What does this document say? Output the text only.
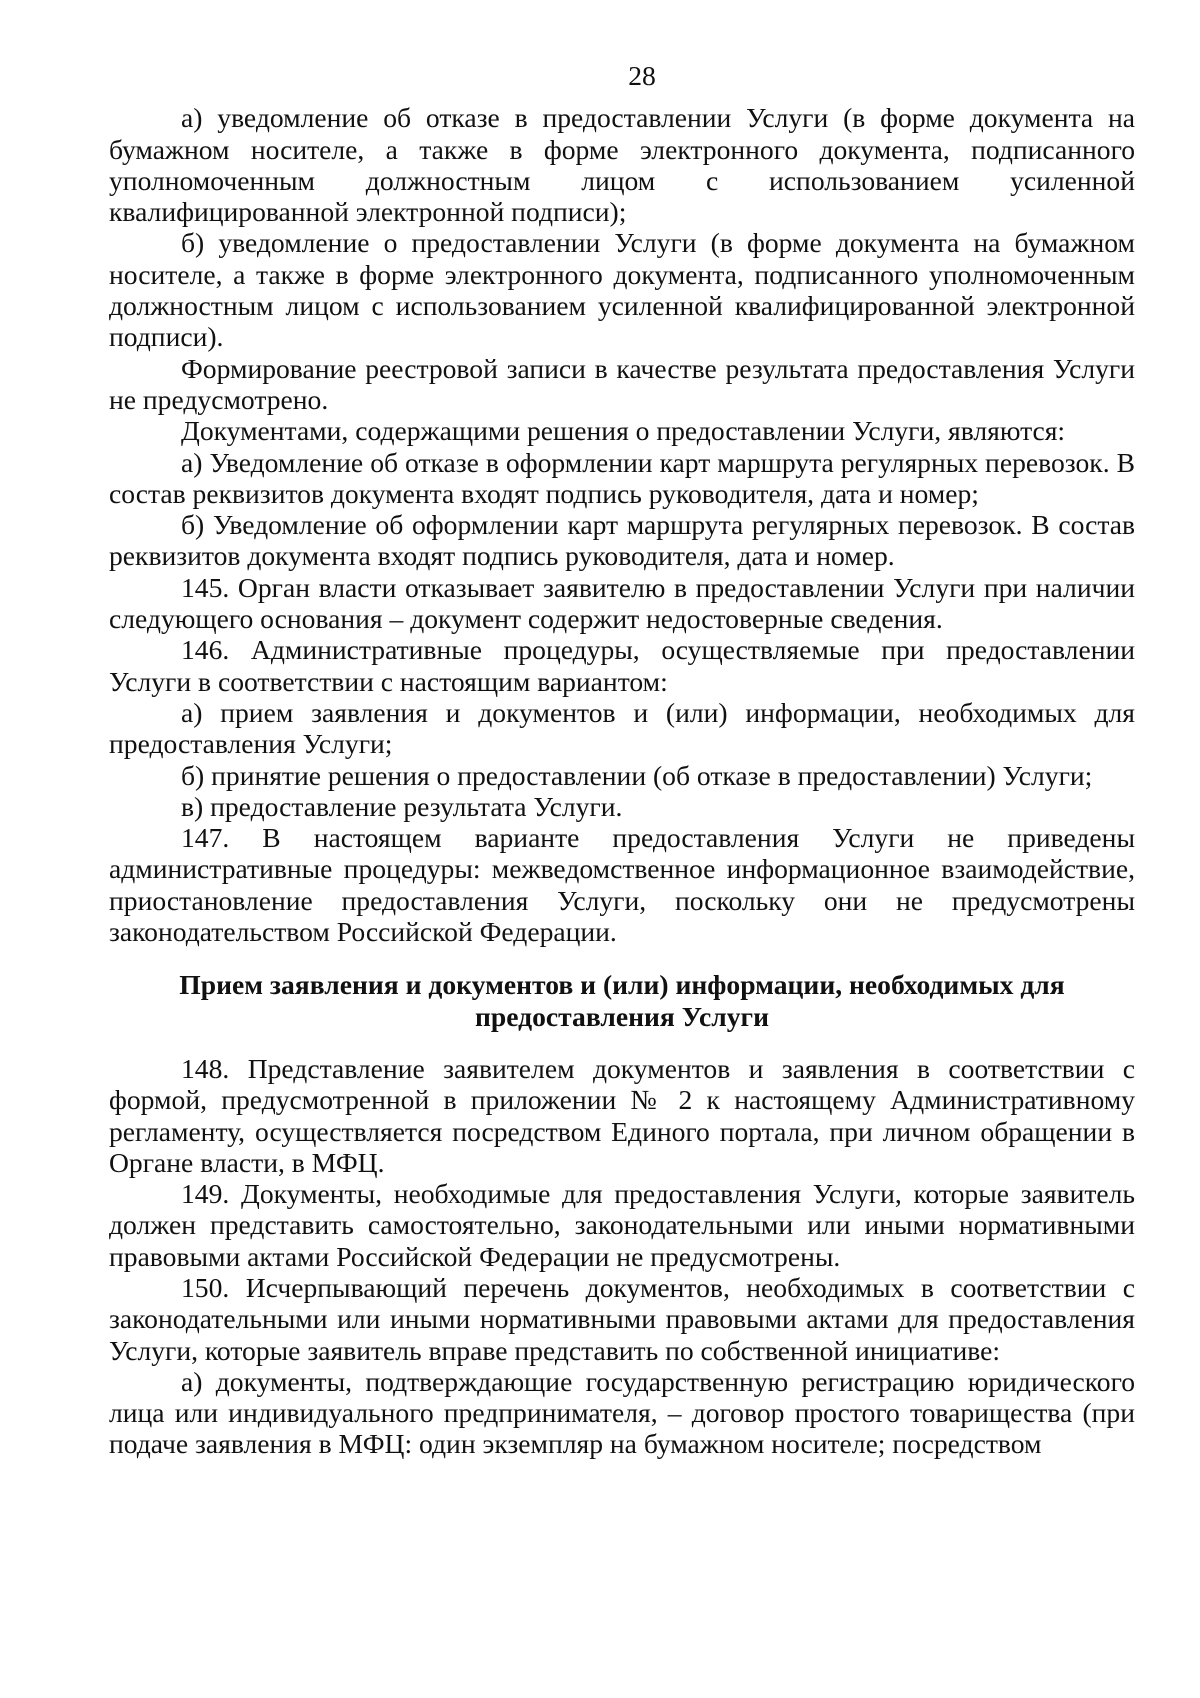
28

а) уведомление об отказе в предоставлении Услуги (в форме документа на бумажном носителе, а также в форме электронного документа, подписанного уполномоченным должностным лицом с использованием усиленной квалифицированной электронной подписи);

б) уведомление о предоставлении Услуги (в форме документа на бумажном носителе, а также в форме электронного документа, подписанного уполномоченным должностным лицом с использованием усиленной квалифицированной электронной подписи).

Формирование реестровой записи в качестве результата предоставления Услуги не предусмотрено.

Документами, содержащими решения о предоставлении Услуги, являются:

а) Уведомление об отказе в оформлении карт маршрута регулярных перевозок. В состав реквизитов документа входят подпись руководителя, дата и номер;

б) Уведомление об оформлении карт маршрута регулярных перевозок. В состав реквизитов документа входят подпись руководителя, дата и номер.

145. Орган власти отказывает заявителю в предоставлении Услуги при наличии следующего основания – документ содержит недостоверные сведения.

146. Административные процедуры, осуществляемые при предоставлении Услуги в соответствии с настоящим вариантом:

а) прием заявления и документов и (или) информации, необходимых для предоставления Услуги;

б) принятие решения о предоставлении (об отказе в предоставлении) Услуги;

в) предоставление результата Услуги.

147. В настоящем варианте предоставления Услуги не приведены административные процедуры: межведомственное информационное взаимодействие, приостановление предоставления Услуги, поскольку они не предусмотрены законодательством Российской Федерации.

Прием заявления и документов и (или) информации, необходимых для предоставления Услуги

148. Представление заявителем документов и заявления в соответствии с формой, предусмотренной в приложении № 2 к настоящему Административному регламенту, осуществляется посредством Единого портала, при личном обращении в Органе власти, в МФЦ.

149. Документы, необходимые для предоставления Услуги, которые заявитель должен представить самостоятельно, законодательными или иными нормативными правовыми актами Российской Федерации не предусмотрены.

150. Исчерпывающий перечень документов, необходимых в соответствии с законодательными или иными нормативными правовыми актами для предоставления Услуги, которые заявитель вправе представить по собственной инициативе:

а) документы, подтверждающие государственную регистрацию юридического лица или индивидуального предпринимателя, – договор простого товарищества (при подаче заявления в МФЦ: один экземпляр на бумажном носителе; посредством
